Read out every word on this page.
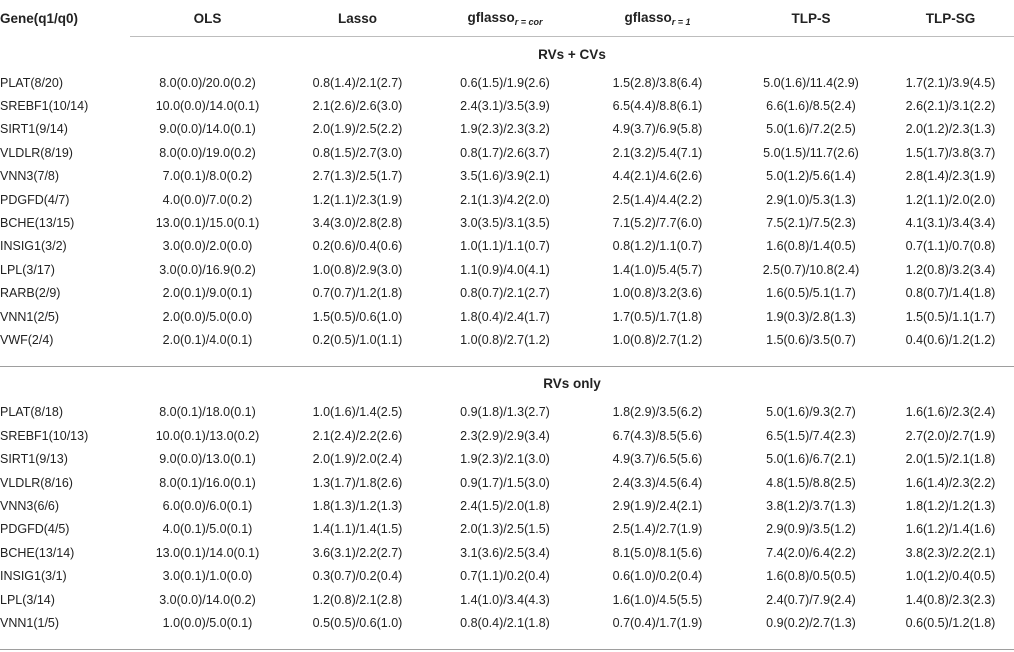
Gene(q1/q0)	OLS	Lasso	gflasso$_{r = cor}$	gflasso$_{r = 1}$	TLP-S	TLP-SG
	RVs + CVs					
PLAT(8/20)	8.0(0.0)/20.0(0.2)	0.8(1.4)/2.1(2.7)	0.6(1.5)/1.9(2.6)	1.5(2.8)/3.8(6.4)	5.0(1.6)/11.4(2.9)	1.7(2.1)/3.9(4.5)
SREBF1(10/14)	10.0(0.0)/14.0(0.1)	2.1(2.6)/2.6(3.0)	2.4(3.1)/3.5(3.9)	6.5(4.4)/8.8(6.1)	6.6(1.6)/8.5(2.4)	2.6(2.1)/3.1(2.2)
SIRT1(9/14)	9.0(0.0)/14.0(0.1)	2.0(1.9)/2.5(2.2)	1.9(2.3)/2.3(3.2)	4.9(3.7)/6.9(5.8)	5.0(1.6)/7.2(2.5)	2.0(1.2)/2.3(1.3)
VLDLR(8/19)	8.0(0.0)/19.0(0.2)	0.8(1.5)/2.7(3.0)	0.8(1.7)/2.6(3.7)	2.1(3.2)/5.4(7.1)	5.0(1.5)/11.7(2.6)	1.5(1.7)/3.8(3.7)
VNN3(7/8)	7.0(0.1)/8.0(0.2)	2.7(1.3)/2.5(1.7)	3.5(1.6)/3.9(2.1)	4.4(2.1)/4.6(2.6)	5.0(1.2)/5.6(1.4)	2.8(1.4)/2.3(1.9)
PDGFD(4/7)	4.0(0.0)/7.0(0.2)	1.2(1.1)/2.3(1.9)	2.1(1.3)/4.2(2.0)	2.5(1.4)/4.4(2.2)	2.9(1.0)/5.3(1.3)	1.2(1.1)/2.0(2.0)
BCHE(13/15)	13.0(0.1)/15.0(0.1)	3.4(3.0)/2.8(2.8)	3.0(3.5)/3.1(3.5)	7.1(5.2)/7.7(6.0)	7.5(2.1)/7.5(2.3)	4.1(3.1)/3.4(3.4)
INSIG1(3/2)	3.0(0.0)/2.0(0.0)	0.2(0.6)/0.4(0.6)	1.0(1.1)/1.1(0.7)	0.8(1.2)/1.1(0.7)	1.6(0.8)/1.4(0.5)	0.7(1.1)/0.7(0.8)
LPL(3/17)	3.0(0.0)/16.9(0.2)	1.0(0.8)/2.9(3.0)	1.1(0.9)/4.0(4.1)	1.4(1.0)/5.4(5.7)	2.5(0.7)/10.8(2.4)	1.2(0.8)/3.2(3.4)
RARB(2/9)	2.0(0.1)/9.0(0.1)	0.7(0.7)/1.2(1.8)	0.8(0.7)/2.1(2.7)	1.0(0.8)/3.2(3.6)	1.6(0.5)/5.1(1.7)	0.8(0.7)/1.4(1.8)
VNN1(2/5)	2.0(0.0)/5.0(0.0)	1.5(0.5)/0.6(1.0)	1.8(0.4)/2.4(1.7)	1.7(0.5)/1.7(1.8)	1.9(0.3)/2.8(1.3)	1.5(0.5)/1.1(1.7)
VWF(2/4)	2.0(0.1)/4.0(0.1)	0.2(0.5)/1.0(1.1)	1.0(0.8)/2.7(1.2)	1.0(0.8)/2.7(1.2)	1.5(0.6)/3.5(0.7)	0.4(0.6)/1.2(1.2)

	RVs only					
PLAT(8/18)	8.0(0.1)/18.0(0.1)	1.0(1.6)/1.4(2.5)	0.9(1.8)/1.3(2.7)	1.8(2.9)/3.5(6.2)	5.0(1.6)/9.3(2.7)	1.6(1.6)/2.3(2.4)
SREBF1(10/13)	10.0(0.1)/13.0(0.2)	2.1(2.4)/2.2(2.6)	2.3(2.9)/2.9(3.4)	6.7(4.3)/8.5(5.6)	6.5(1.5)/7.4(2.3)	2.7(2.0)/2.7(1.9)
SIRT1(9/13)	9.0(0.0)/13.0(0.1)	2.0(1.9)/2.0(2.4)	1.9(2.3)/2.1(3.0)	4.9(3.7)/6.5(5.6)	5.0(1.6)/6.7(2.1)	2.0(1.5)/2.1(1.8)
VLDLR(8/16)	8.0(0.1)/16.0(0.1)	1.3(1.7)/1.8(2.6)	0.9(1.7)/1.5(3.0)	2.4(3.3)/4.5(6.4)	4.8(1.5)/8.8(2.5)	1.6(1.4)/2.3(2.2)
VNN3(6/6)	6.0(0.0)/6.0(0.1)	1.8(1.3)/1.2(1.3)	2.4(1.5)/2.0(1.8)	2.9(1.9)/2.4(2.1)	3.8(1.2)/3.7(1.3)	1.8(1.2)/1.2(1.3)
PDGFD(4/5)	4.0(0.1)/5.0(0.1)	1.4(1.1)/1.4(1.5)	2.0(1.3)/2.5(1.5)	2.5(1.4)/2.7(1.9)	2.9(0.9)/3.5(1.2)	1.6(1.2)/1.4(1.6)
BCHE(13/14)	13.0(0.1)/14.0(0.1)	3.6(3.1)/2.2(2.7)	3.1(3.6)/2.5(3.4)	8.1(5.0)/8.1(5.6)	7.4(2.0)/6.4(2.2)	3.8(2.3)/2.2(2.1)
INSIG1(3/1)	3.0(0.1)/1.0(0.0)	0.3(0.7)/0.2(0.4)	0.7(1.1)/0.2(0.4)	0.6(1.0)/0.2(0.4)	1.6(0.8)/0.5(0.5)	1.0(1.2)/0.4(0.5)
LPL(3/14)	3.0(0.0)/14.0(0.2)	1.2(0.8)/2.1(2.8)	1.4(1.0)/3.4(4.3)	1.6(1.0)/4.5(5.5)	2.4(0.7)/7.9(2.4)	1.4(0.8)/2.3(2.3)
VNN1(1/5)	1.0(0.0)/5.0(0.1)	0.5(0.5)/0.6(1.0)	0.8(0.4)/2.1(1.8)	0.7(0.4)/1.7(1.9)	0.9(0.2)/2.7(1.3)	0.6(0.5)/1.2(1.8)
